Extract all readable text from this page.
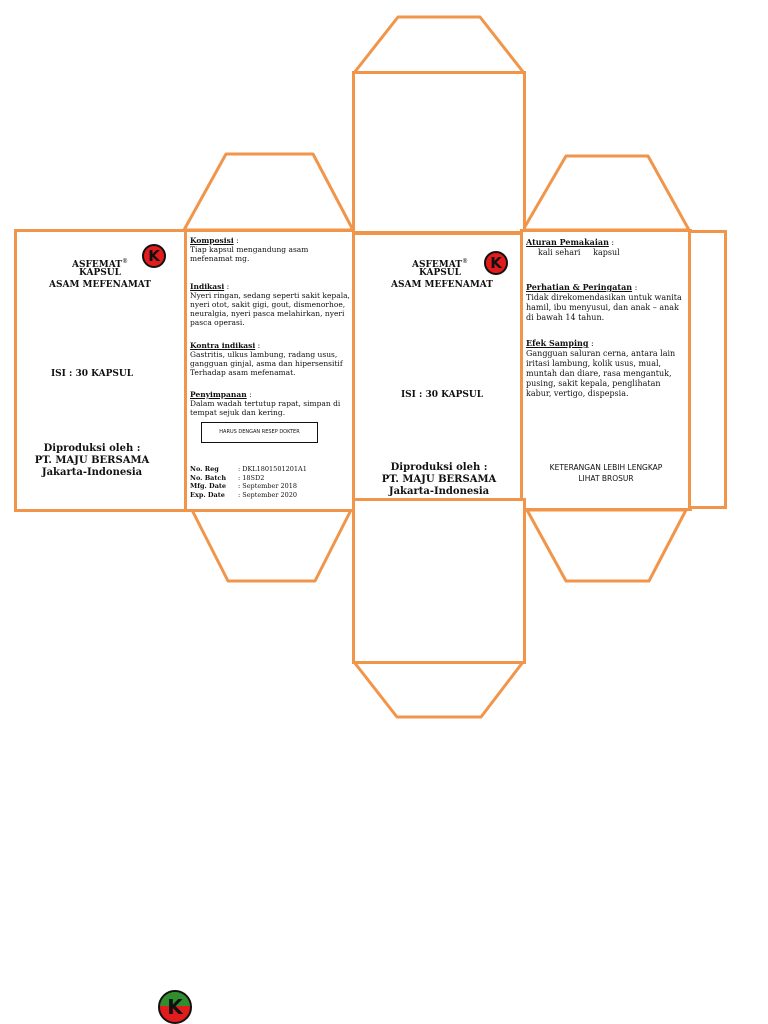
ASFEMAT®
KAPSUL
ASAM MEFENAMAT
K
ISI : 30 KAPSUL
Diproduksi oleh :
PT. MAJU BERSAMA
Jakarta-Indonesia
Komposisi :
Tiap kapsul mengandung asam mefenamat mg.
Indikasi :
Nyeri ringan, sedang seperti sakit kepala, nyeri otot, sakit gigi, gout, dismenorhoe, neuralgia, nyeri pasca melahirkan, nyeri pasca operasi.
Kontra indikasi :
Gastritis, ulkus lambung, radang usus, gangguan ginjal, asma dan hipersensitif Terhadap asam mefenamat.
Penyimpanan :
Dalam wadah tertutup rapat, simpan di tempat sejuk dan kering.
HARUS DENGAN RESEP DOKTER
No. Reg	: DKL1801501201A1
No. Batch : 18SD2
Mfg. Date : September 2018
Exp. Date : September 2020
ASFEMAT®
KAPSUL
ASAM MEFENAMAT
K
ISI : 30 KAPSUL
Diproduksi oleh :
PT. MAJU BERSAMA
Jakarta-Indonesia
Aturan Pemakaian :
kali sehari     kapsul
Perhatian & Peringatan :
Tidak direkomendasikan untuk wanita hamil, ibu menyusui, dan anak – anak di bawah 14 tahun.
Efek Samping :
Gangguan saluran cerna, antara lain iritasi lambung, kolik usus, mual, muntah dan diare, rasa mengantuk, pusing, sakit kepala, penglihatan kabur, vertigo, dispepsia.
KETERANGAN LEBIH LENGKAP LIHAT BROSUR
K
